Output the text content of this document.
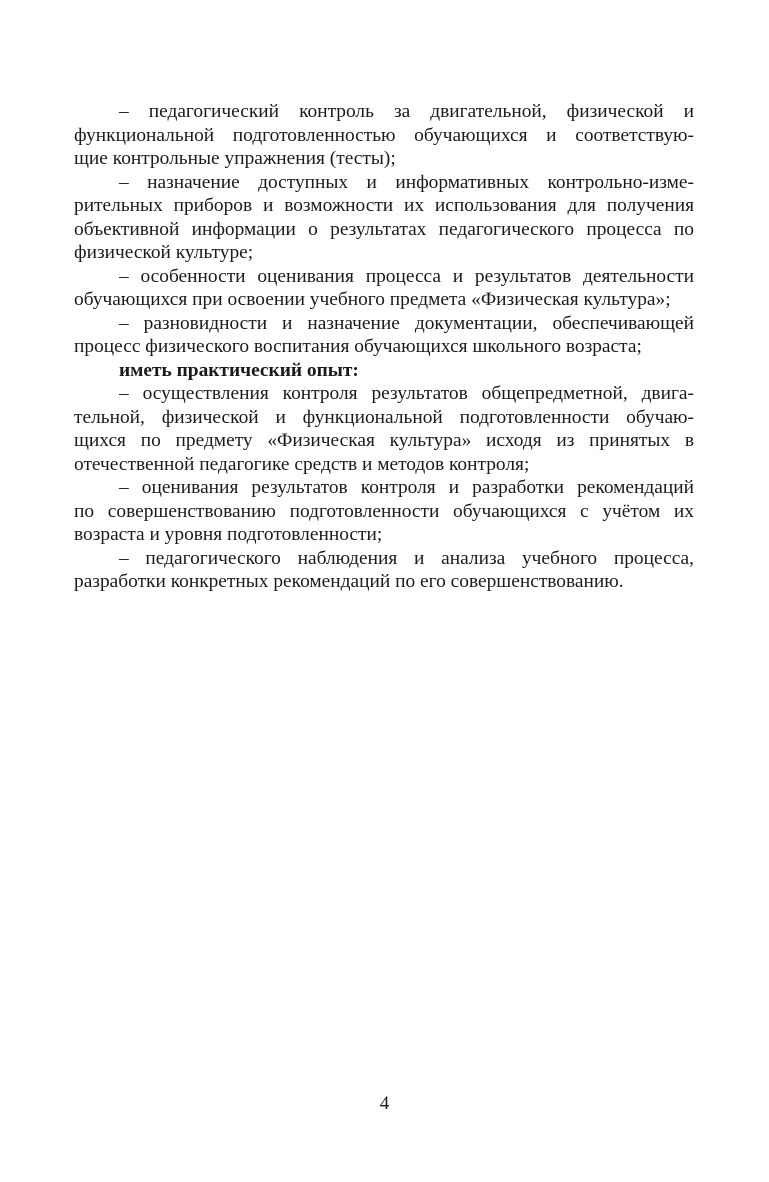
– педагогический контроль за двигательной, физической и
функциональной подготовленностью обучающихся и соответствую-
щие контрольные упражнения (тесты);
– назначение доступных и информативных контрольно-изме-
рительных приборов и возможности их использования для получения
объективной информации о результатах педагогического процесса по
физической культуре;
– особенности оценивания процесса и результатов деятельности
обучающихся при освоении учебного предмета «Физическая культура»;
– разновидности и назначение документации, обеспечивающей
процесс физического воспитания обучающихся школьного возраста;
иметь практический опыт:
– осуществления контроля результатов общепредметной, двига-
тельной, физической и функциональной подготовленности обучаю-
щихся по предмету «Физическая культура» исходя из принятых в
отечественной педагогике средств и методов контроля;
– оценивания результатов контроля и разработки рекомендаций
по совершенствованию подготовленности обучающихся с учётом их
возраста и уровня подготовленности;
– педагогического наблюдения и анализа учебного процесса,
разработки конкретных рекомендаций по его совершенствованию.
4
